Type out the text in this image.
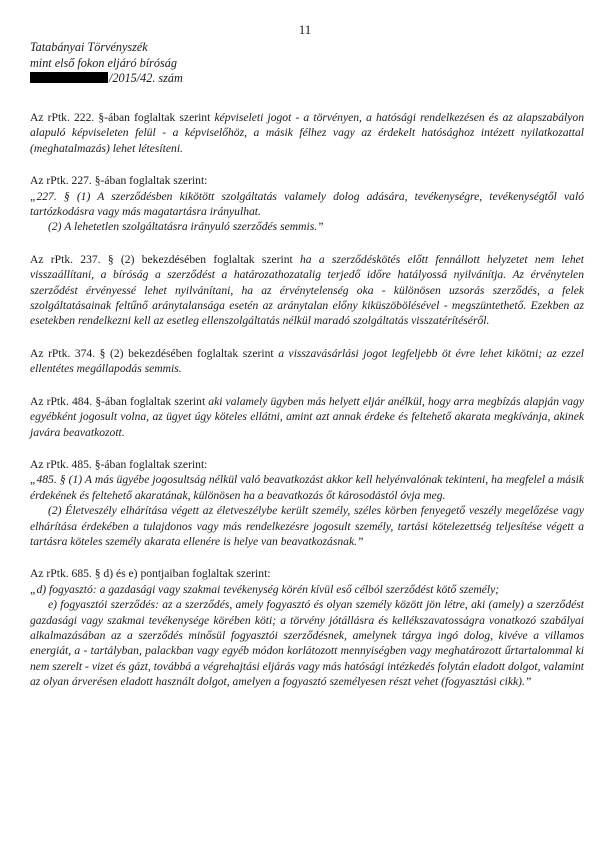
11
Tatabányai Törvényszék
mint első fokon eljáró bíróság
/2015/42. szám

Az rPtk. 222. §-ában foglaltak szerint képviseleti jogot - a törvényen, a hatósági rendelkezésen és az alapszabályon alapuló képviseleten felül - a képviselőhöz, a másik félhez vagy az érdekelt hatósághoz intézett nyilatkozattal (meghatalmazás) lehet létesíteni.

Az rPtk. 227. §-ában foglaltak szerint:
„227. § (1) A szerződésben kikötött szolgáltatás valamely dolog adására, tevékenységre, tevékenységtől való tartózkodásra vagy más magatartásra irányulhat.
(2) A lehetetlen szolgáltatásra irányuló szerződés semmis.”

Az rPtk. 237. § (2) bekezdésében foglaltak szerint ha a szerződéskötés előtt fennállott helyzetet nem lehet visszaállítani, a bíróság a szerződést a határozathozatalig terjedő időre hatályossá nyilvánítja. Az érvénytelen szerződést érvényessé lehet nyilvánítani, ha az érvénytelenség oka - különösen uzsorás szerződés, a felek szolgáltatásainak feltűnő aránytalansága esetén az aránytalan előny kiküszöbölésével - megszüntethető. Ezekben az esetekben rendelkezni kell az esetleg ellenszolgáltatás nélkül maradó szolgáltatás visszatérítéséről.

Az rPtk. 374. § (2) bekezdésében foglaltak szerint a visszavásárlási jogot legfeljebb öt évre lehet kikötni; az ezzel ellentétes megállapodás semmis.

Az rPtk. 484. §-ában foglaltak szerint aki valamely ügyben más helyett eljár anélkül, hogy arra megbízás alapján vagy egyébként jogosult volna, az ügyet úgy köteles ellátni, amint azt annak érdeke és feltehető akarata megkívánja, akinek javára beavatkozott.

Az rPtk. 485. §-ában foglaltak szerint:
„485. § (1) A más ügyébe jogosultság nélkül való beavatkozást akkor kell helyénvalónak tekinteni, ha megfelel a másik érdekének és feltehető akaratának, különösen ha a beavatkozás őt károsodástól óvja meg.
(2) Életveszély elhárítása végett az életveszélybe került személy, széles körben fenyegető veszély megelőzése vagy elhárítása érdekében a tulajdonos vagy más rendelkezésre jogosult személy, tartási kötelezettség teljesítése végett a tartásra köteles személy akarata ellenére is helye van beavatkozásnak.”

Az rPtk. 685. § d) és e) pontjaiban foglaltak szerint:
„d) fogyasztó: a gazdasági vagy szakmai tevékenység körén kívül eső célból szerződést kötő személy;
e) fogyasztói szerződés: az a szerződés, amely fogyasztó és olyan személy között jön létre, aki (amely) a szerződést gazdasági vagy szakmai tevékenysége körében köti; a törvény jótállásra és kellékszavatosságra vonatkozó szabályai alkalmazásában az a szerződés minősül fogyasztói szerződésnek, amelynek tárgya ingó dolog, kivéve a villamos energiát, a - tartályban, palackban vagy egyéb módon korlátozott mennyiségben vagy meghatározott űrtartalommal ki nem szerelt - vizet és gázt, továbbá a végrehajtási eljárás vagy más hatósági intézkedés folytán eladott dolgot, valamint az olyan árverésen eladott használt dolgot, amelyen a fogyasztó személyesen részt vehet (fogyasztási cikk).”
